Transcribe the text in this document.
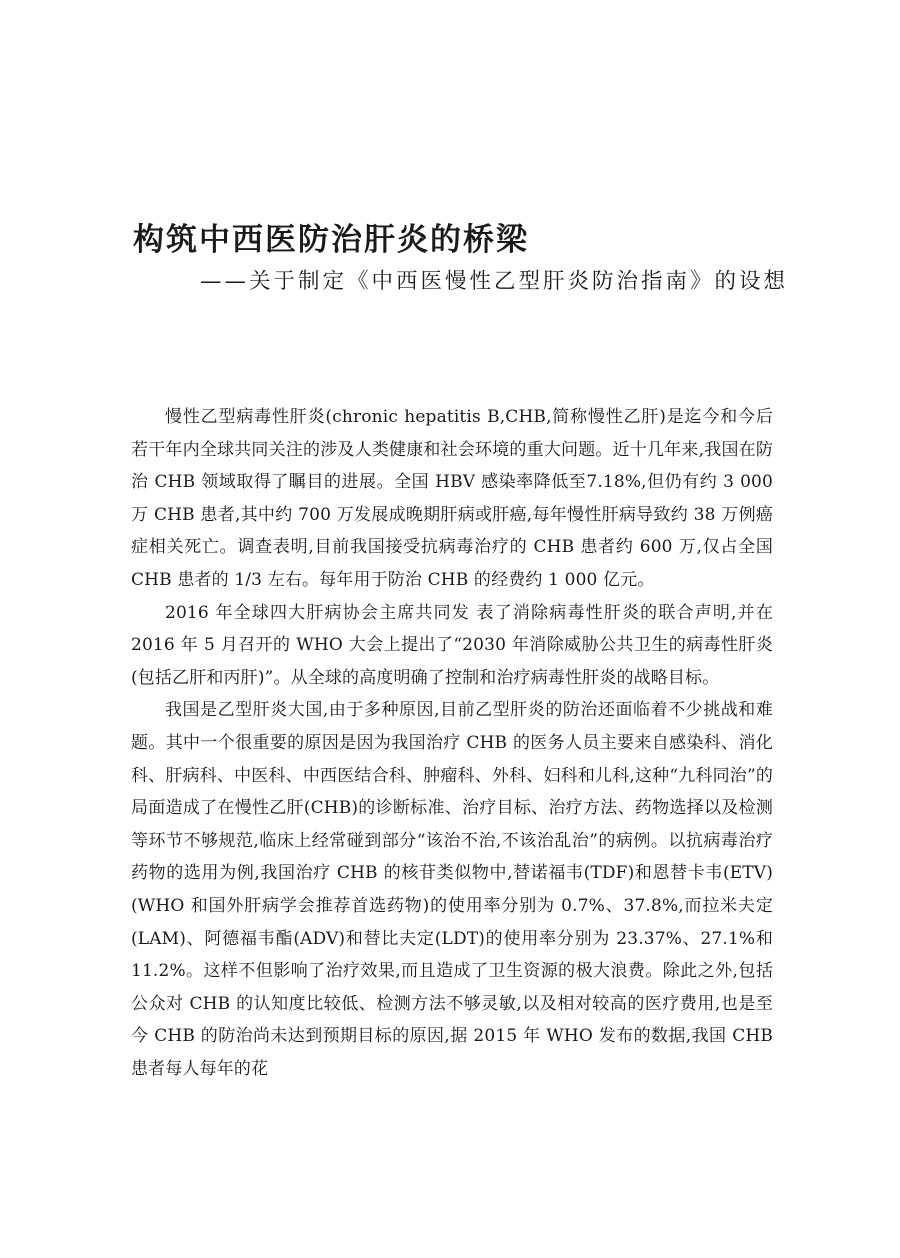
构筑中西医防治肝炎的桥梁
——关于制定《中西医慢性乙型肝炎防治指南》的设想

慢性乙型病毒性肝炎(chronic hepatitis B,CHB,简称慢性乙肝)是迄今和今后若干年内全球共同关注的涉及人类健康和社会环境的重大问题。近十几年来,我国在防治 CHB 领域取得了瞩目的进展。全国 HBV 感染率降低至7.18%,但仍有约 3 000 万 CHB 患者,其中约 700 万发展成晚期肝病或肝癌,每年慢性肝病导致约 38 万例癌症相关死亡。调查表明,目前我国接受抗病毒治疗的 CHB 患者约 600 万,仅占全国 CHB 患者的 1/3 左右。每年用于防治 CHB 的经费约 1 000 亿元。

2016 年全球四大肝病协会主席共同发 表了消除病毒性肝炎的联合声明,并在 2016 年 5 月召开的 WHO 大会上提出了“2030 年消除威胁公共卫生的病毒性肝炎(包括乙肝和丙肝)”。从全球的高度明确了控制和治疗病毒性肝炎的战略目标。

我国是乙型肝炎大国,由于多种原因,目前乙型肝炎的防治还面临着不少挑战和难题。其中一个很重要的原因是因为我国治疗 CHB 的医务人员主要来自感染科、消化科、肝病科、中医科、中西医结合科、肿瘤科、外科、妇科和儿科,这种“九科同治”的局面造成了在慢性乙肝(CHB)的诊断标准、治疗目标、治疗方法、药物选择以及检测等环节不够规范,临床上经常碰到部分“该治不治,不该治乱治”的病例。以抗病毒治疗药物的选用为例,我国治疗 CHB 的核苷类似物中,替诺福韦(TDF)和恩替卡韦(ETV)(WHO 和国外肝病学会推荐首选药物)的使用率分别为 0.7%、37.8%,而拉米夫定(LAM)、阿德福韦酯(ADV)和替比夫定(LDT)的使用率分别为 23.37%、27.1%和 11.2%。这样不但影响了治疗效果,而且造成了卫生资源的极大浪费。除此之外,包括公众对 CHB 的认知度比较低、检测方法不够灵敏,以及相对较高的医疗费用,也是至今 CHB 的防治尚未达到预期目标的原因,据 2015 年 WHO 发布的数据,我国 CHB 患者每人每年的花
